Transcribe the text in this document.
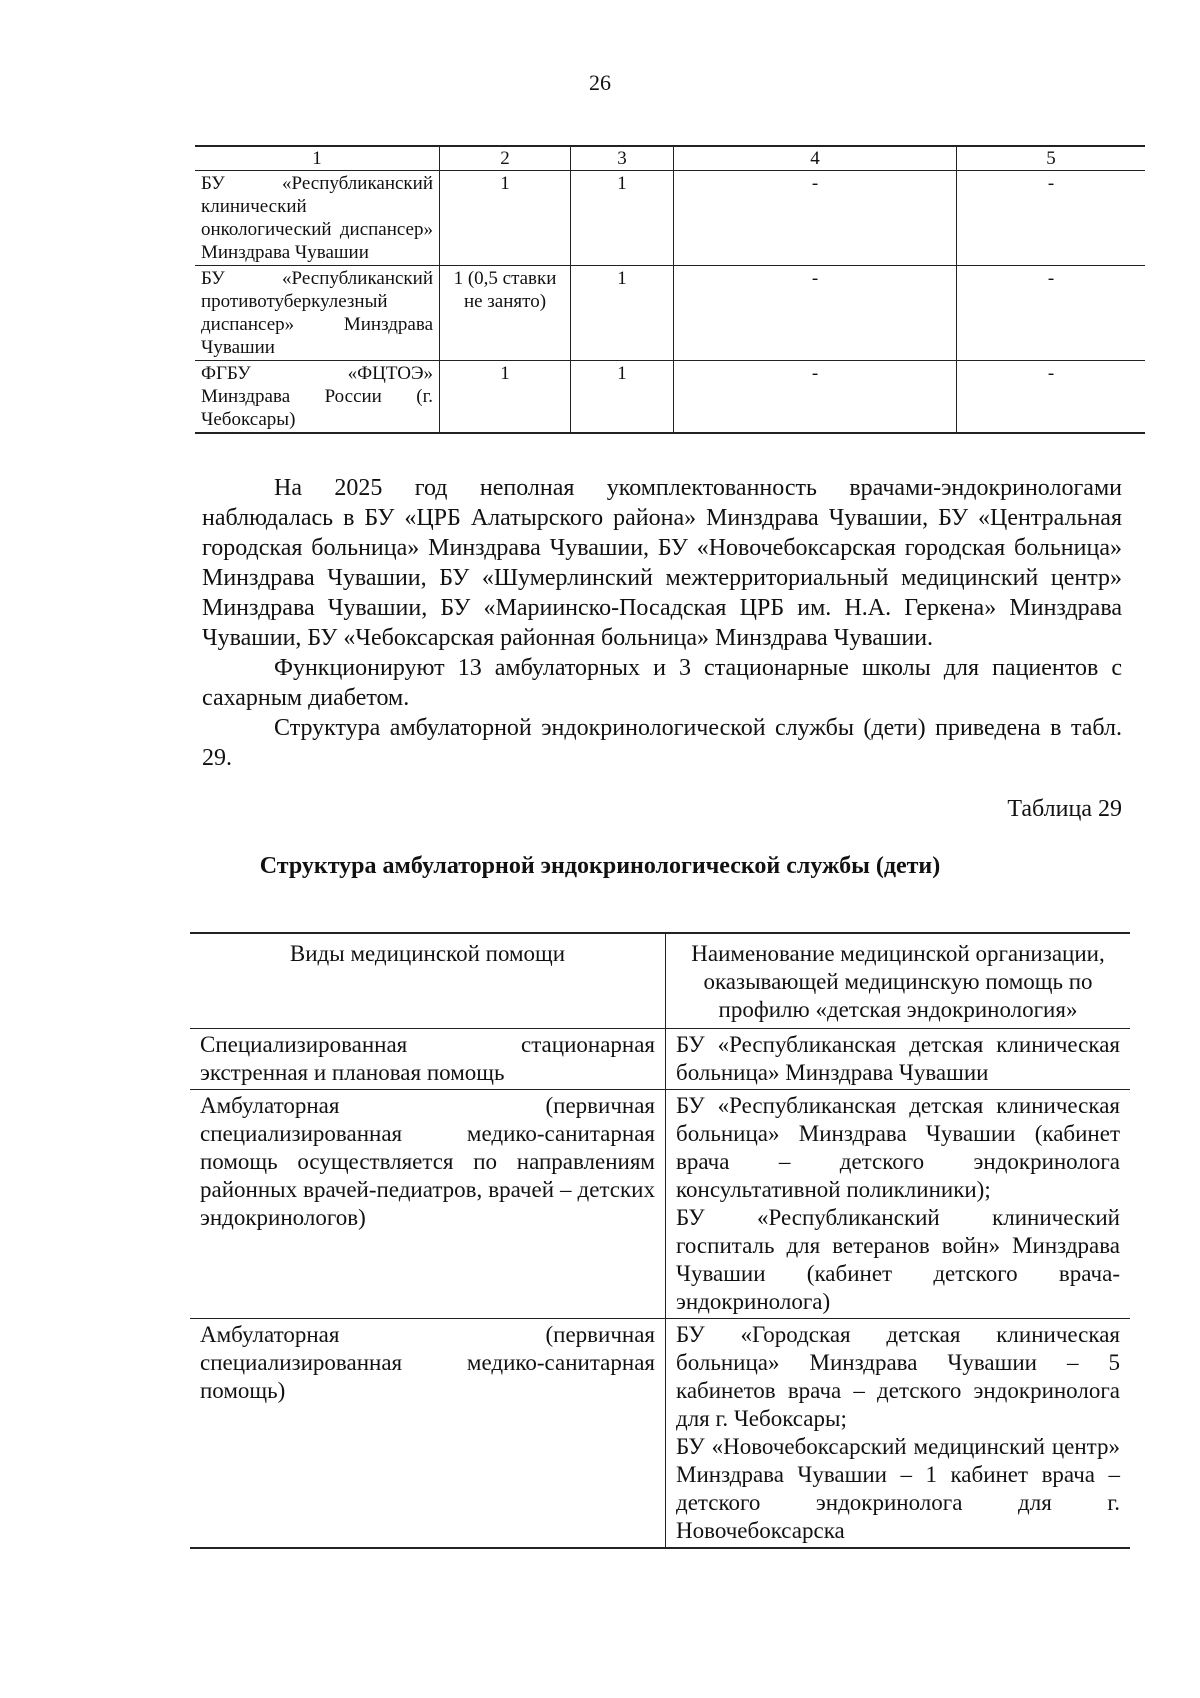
26
1	2	3	4	5
БУ «Республиканский клинический онкологический диспансер» Минздрава Чувашии	1	1	-	-
БУ «Республиканский противотуберкулезный диспансер» Минздрава Чувашии	1 (0,5 ставки не занято)	1	-	-
ФГБУ «ФЦТОЭ» Минздрава России (г. Чебоксары)	1	1	-	-

На 2025 год неполная укомплектованность врачами-эндокринологами наблюдалась в БУ «ЦРБ Алатырского района» Минздрава Чувашии, БУ «Центральная городская больница» Минздрава Чувашии, БУ «Новочебоксарская городская больница» Минздрава Чувашии, БУ «Шумерлинский межтерриториальный медицинский центр» Минздрава Чувашии, БУ «Мариинско-Посадская ЦРБ им. Н.А. Геркена» Минздрава Чувашии, БУ «Чебоксарская районная больница» Минздрава Чувашии.

Функционируют 13 амбулаторных и 3 стационарные школы для пациентов с сахарным диабетом.

Структура амбулаторной эндокринологической службы (дети) приведена в табл. 29.

Таблица 29
Структура амбулаторной эндокринологической службы (дети)
Виды медицинской помощи	Наименование медицинской организации, оказывающей медицинскую помощь по профилю «детская эндокринология»
Специализированная стационарная экстренная и плановая помощь	БУ «Республиканская детская клиническая больница» Минздрава Чувашии

Амбулаторная (первичная специализированная медико-санитарная помощь осуществляется по направлениям районных врачей-педиатров, врачей – детских эндокринологов)	БУ «Республиканская детская клиническая больница» Минздрава Чувашии (кабинет врача – детского эндокринолога консультативной поликлиники);
БУ «Республиканский клинический госпиталь для ветеранов войн» Минздрава Чувашии (кабинет детского врача-эндокринолога)

Амбулаторная (первичная специализированная медико-санитарная помощь)	БУ «Городская детская клиническая больница» Минздрава Чувашии – 5 кабинетов врача – детского эндокринолога для г. Чебоксары;
БУ «Новочебоксарский медицинский центр» Минздрава Чувашии – 1 кабинет врача – детского эндокринолога для г. Новочебоксарска
